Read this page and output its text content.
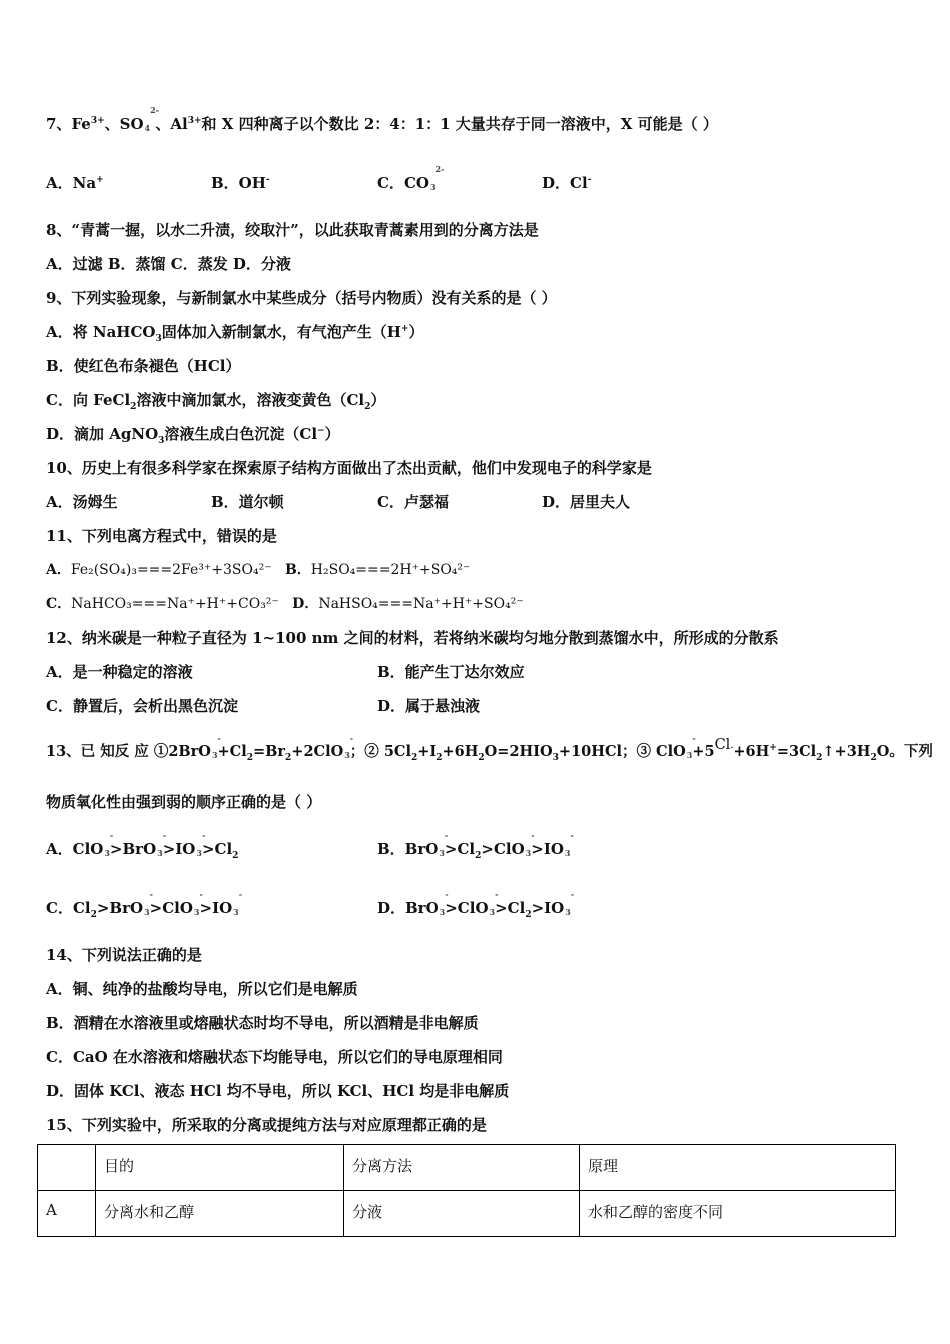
7、$Fe^{3+}$、SO4
2-
、$Al^{3+}$和 X 四种离子以个数比 2：4：1：1 大量共存于同一溶液中，X 可能是（ ）
A．Na+	B．OH-	C．CO3
2-
D．Cl-
8、“青蒿一握，以水二升渍，绞取汁”，以此获取青蒿素用到的分离方法是
A．过滤 B．蒸馏 C．蒸发 D．分液
9、下列实验现象，与新制氯水中某些成分（括号内物质）没有关系的是（ ）
A．将 NaHCO$_3$固体加入新制氯水，有气泡产生（H+）
B．使红色布条褪色（HCl）
C．向 FeCl$_2$溶液中滴加氯水，溶液变黄色$(Cl_2)$
D．滴加 AgNO$_3$溶液生成白色沉淀（Cl−）
10、历史上有很多科学家在探索原子结构方面做出了杰出贡献，他们中发现电子的科学家是
A．汤姆生	B．道尔顿	C．卢瑟福	D．居里夫人
11、下列电离方程式中，错误的是
A．Fe₂(SO₄)₃===2Fe³⁺+3SO₄²⁻ B．H₂SO₄===2H⁺+SO₄²⁻
C．NaHCO₃===Na⁺+H⁺+CO₃²⁻ D．NaHSO₄===Na⁺+H⁺+SO₄²⁻
12、纳米碳是一种粒子直径为 1~100 nm 之间的材料，若将纳米碳均匀地分散到蒸馏水中，所形成的分散系
A．是一种稳定的溶液	B．能产生丁达尔效应
C．静置后，会析出黑色沉淀	D．属于悬浊液
13、已 知反 应 ①2BrO3
-
$+Cl_2=Br_2+2ClO3$
-
；② $5Cl_2+I_2+6H_2O=2HIO_3+10HCl$；③ ClO3
-
$+5Cl^-+6H^+=3Cl_2↑+3H_2O$。下列
物质氧化性由强到弱的顺序正确的是（ ）
A．ClO3
-
>BrO3
-
>IO3
-
$>Cl_2$	B．BrO3
-
$>Cl_2>ClO3$
-
>IO3
-
C．$Cl_2>BrO3$
-
>ClO3
-
>IO3
-
D．BrO3
-
>ClO3
-
$>Cl_2>IO3$
-
14、下列说法正确的是
A．铜、纯净的盐酸均导电，所以它们是电解质
B．酒精在水溶液里或熔融状态时均不导电，所以酒精是非电解质
C．CaO 在水溶液和熔融状态下均能导电，所以它们的导电原理相同
D．固体 KCl、液态 HCl 均不导电，所以 KCl、HCl 均是非电解质
15、下列实验中，所采取的分离或提纯方法与对应原理都正确的是
	目的	分离方法	原理
A	分离水和乙醇	分液	水和乙醇的密度不同
